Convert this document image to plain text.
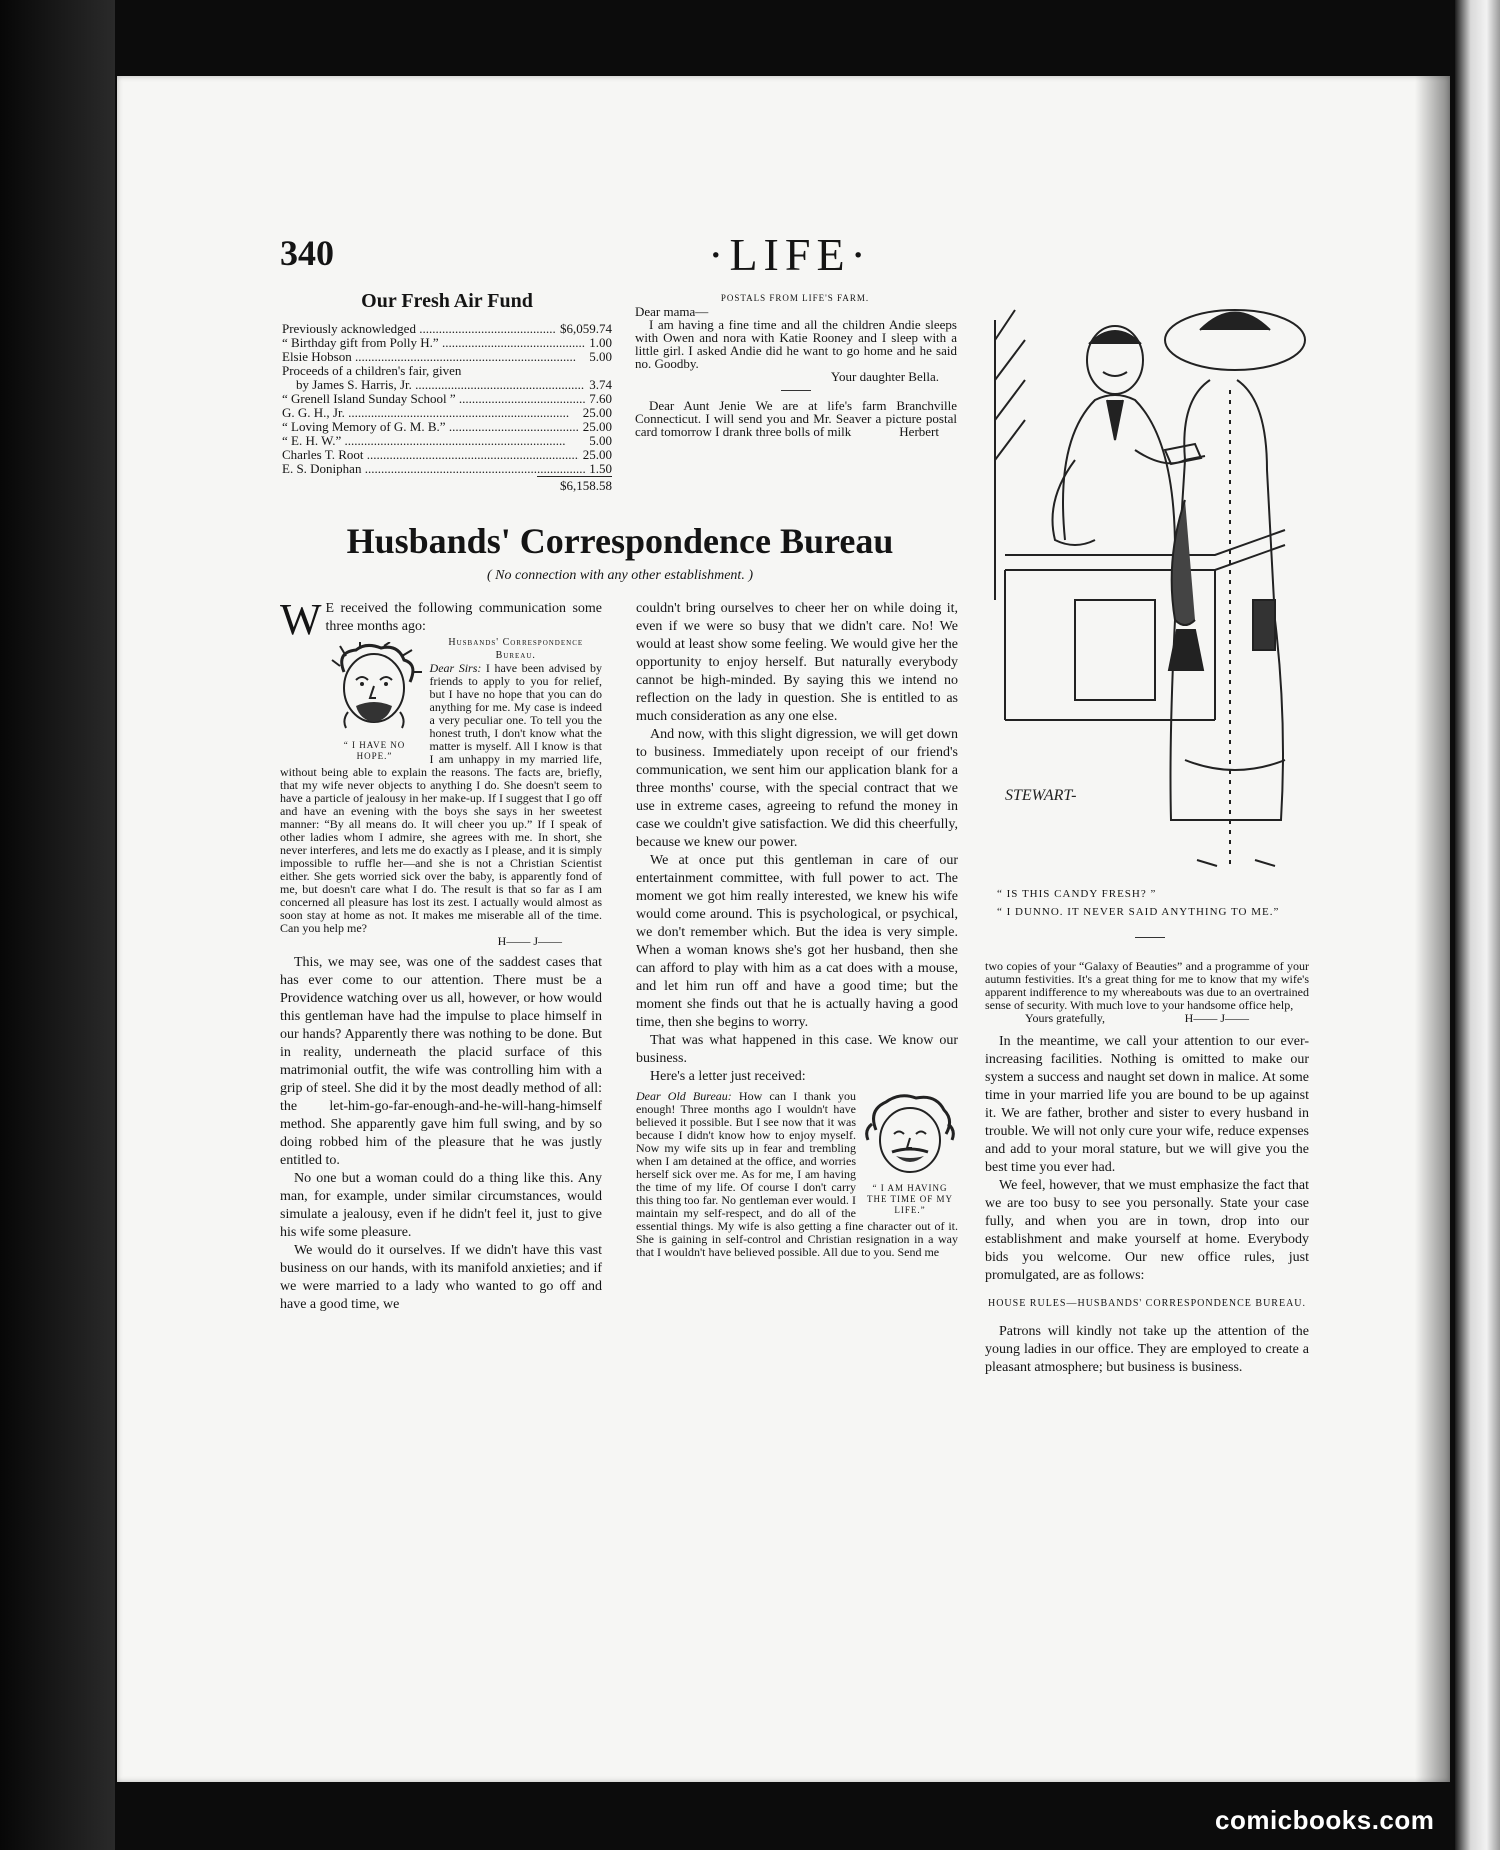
340	·LIFE·
Our Fresh Air Fund
Previously acknowledged .....	$6,059.74
“ Birthday gift from Polly H.” .....	1.00
Elsie Hobson .....	5.00
Proceeds of a children's fair, given
by James S. Harris, Jr. .....	3.74
“ Grenell Island Sunday School ” .....	7.60
G. G. H., Jr. .....	25.00
“ Loving Memory of G. M. B.” .....	25.00
“ E. H. W.” .....	5.00
Charles T. Root .....	25.00
E. S. Doniphan .....	1.50
$6,158.58
POSTALS FROM LIFE'S FARM.

Dear mama—

I am having a fine time and all the children Andie sleeps with Owen and nora with Katie Rooney and I sleep with a little girl. I asked Andie did he want to go home and he said no. Goodby.

Your daughter Bella.

Dear Aunt Jenie We are at life's farm Branchville Connecticut. I will send you and Mr. Seaver a picture postal card tomorrow I drank three bolls of milk	Herbert

Husbands' Correspondence Bureau
( No connection with any other establishment. )

W E received the following communication some three months ago:

“ I HAVE NO HOPE.”

Husbands' Correspondence Bureau.

Dear Sirs: I have been advised by friends to apply to you for relief, but I have no hope that you can do anything for me. My case is indeed a very peculiar one. To tell you the honest truth, I don't know what the matter is myself. All I know is that I am unhappy in my married life, without being able to explain the reasons. The facts are, briefly, that my wife never objects to anything I do. She doesn't seem to have a particle of jealousy in her make-up. If I suggest that I go off and have an evening with the boys she says in her sweetest manner: “By all means do. It will cheer you up.” If I speak of other ladies whom I admire, she agrees with me. In short, she never interferes, and lets me do exactly as I please, and it is simply impossible to ruffle her—and she is not a Christian Scientist either. She gets worried sick over the baby, is apparently fond of me, but doesn't care what I do. The result is that so far as I am concerned all pleasure has lost its zest. I actually would almost as soon stay at home as not. It makes me miserable all of the time. Can you help me?

H—— J——

This, we may see, was one of the saddest cases that has ever come to our attention. There must be a Providence watching over us all, however, or how would this gentleman have had the impulse to place himself in our hands? Apparently there was nothing to be done. But in reality, underneath the placid surface of this matrimonial outfit, the wife was controlling him with a grip of steel. She did it by the most deadly method of all: the let-him-go-far-enough-and-he-will-hang-himself method. She apparently gave him full swing, and by so doing robbed him of the pleasure that he was justly entitled to.

No one but a woman could do a thing like this. Any man, for example, under similar circumstances, would simulate a jealousy, even if he didn't feel it, just to give his wife some pleasure.

We would do it ourselves. If we didn't have this vast business on our hands, with its manifold anxieties; and if we were married to a lady who wanted to go off and have a good time, we

couldn't bring ourselves to cheer her on while doing it, even if we were so busy that we didn't care. No! We would at least show some feeling. We would give her the opportunity to enjoy herself. But naturally everybody cannot be high-minded. By saying this we intend no reflection on the lady in question. She is entitled to as much consideration as any one else.

And now, with this slight digression, we will get down to business. Immediately upon receipt of our friend's communication, we sent him our application blank for a three months' course, with the special contract that we use in extreme cases, agreeing to refund the money in case we couldn't give satisfaction. We did this cheerfully, because we knew our power.

We at once put this gentleman in care of our entertainment committee, with full power to act. The moment we got him really interested, we knew his wife would come around. This is psychological, or psychical, we don't remember which. But the idea is very simple. When a woman knows she's got her husband, then she can afford to play with him as a cat does with a mouse, and let him run off and have a good time; but the moment she finds out that he is actually having a good time, then she begins to worry.

That was what happened in this case. We know our business.

Here's a letter just received:

“ I AM HAVING THE TIME OF MY LIFE.”

Dear Old Bureau: How can I thank you enough! Three months ago I wouldn't have believed it possible. But I see now that it was because I didn't know how to enjoy myself. Now my wife sits up in fear and trembling when I am detained at the office, and worries herself sick over me. As for me, I am having the time of my life. Of course I don't carry this thing too far. No gentleman ever would. I maintain my self-respect, and do all of the essential things. My wife is also getting a fine character out of it. She is gaining in self-control and Christian resignation in a way that I wouldn't have believed possible. All due to you. Send me

STEWART-

“ IS THIS CANDY FRESH? ”

“ I DUNNO. IT NEVER SAID ANYTHING TO ME.”

two copies of your “Galaxy of Beauties” and a programme of your autumn festivities. It's a great thing for me to know that my wife's apparent indifference to my whereabouts was due to an overtrained sense of security. With much love to your handsome office help,

Yours gratefully,	H—— J——

In the meantime, we call your attention to our ever-increasing facilities. Nothing is omitted to make our system a success and naught set down in malice. At some time in your married life you are bound to be up against it. We are father, brother and sister to every husband in trouble. We will not only cure your wife, reduce expenses and add to your moral stature, but we will give you the best time you ever had.

We feel, however, that we must emphasize the fact that we are too busy to see you personally. State your case fully, and when you are in town, drop into our establishment and make yourself at home. Everybody bids you welcome. Our new office rules, just promulgated, are as follows:

HOUSE RULES—HUSBANDS' CORRESPONDENCE BUREAU.

Patrons will kindly not take up the attention of the young ladies in our office. They are employed to create a pleasant atmosphere; but business is business.

comicbooks.com
